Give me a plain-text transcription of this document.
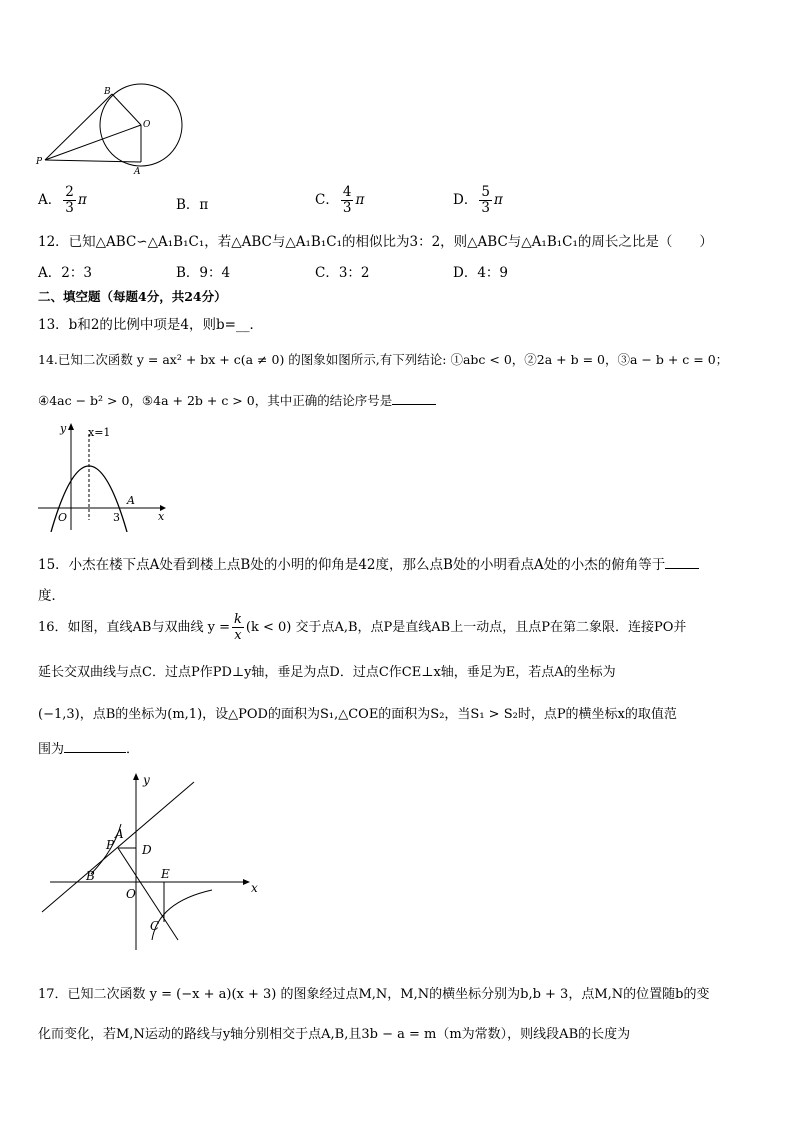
B
O
P
A
A． $\frac{2}{3}$ π	B．π	C． $\frac{4}{3}$ π	D． $\frac{5}{3}$ π
12．已知△ABC∽△A₁B₁C₁，若△ABC与△A₁B₁C₁的相似比为3：2，则△ABC与△A₁B₁C₁的周长之比是（　　）
A．2：3	B．9：4	C．3：2	D．4：9
二、填空题（每题4分，共24分）
13．b和2的比例中项是4，则b=__．
14.已知二次函数 y = ax² + bx + c(a ≠ 0) 的图象如图所示,有下列结论: ①abc < 0，②2a + b = 0，③a − b + c = 0；
④4ac − b² > 0，⑤4a + 2b + c > 0，其中正确的结论序号是
y x=1
A
O	3	x
15．小杰在楼下点A处看到楼上点B处的小明的仰角是42度，那么点B处的小明看点A处的小杰的俯角等于
度．
16．如图，直线AB与双曲线 $y = \frac{k}{x} (k < 0)$ 交于点A,B，点P是直线AB上一动点，且点P在第二象限．连接PO并
延长交双曲线与点C．过点P作PD⊥y轴，垂足为点D．过点C作CE⊥x轴，垂足为E，若点A的坐标为
(−1,3)，点B的坐标为(m,1)，设△POD的面积为S₁,△COE的面积为S₂，当S₁ > S₂时，点P的横坐标x的取值范
围为	．
y
A
P D
B
O
E
x
C
17．已知二次函数 y = (−x + a)(x + 3) 的图象经过点M,N，M,N的横坐标分别为b,b + 3，点M,N的位置随b的变
化而变化，若M,N运动的路线与y轴分别相交于点A,B,且3b − a = m（m为常数），则线段AB的长度为
